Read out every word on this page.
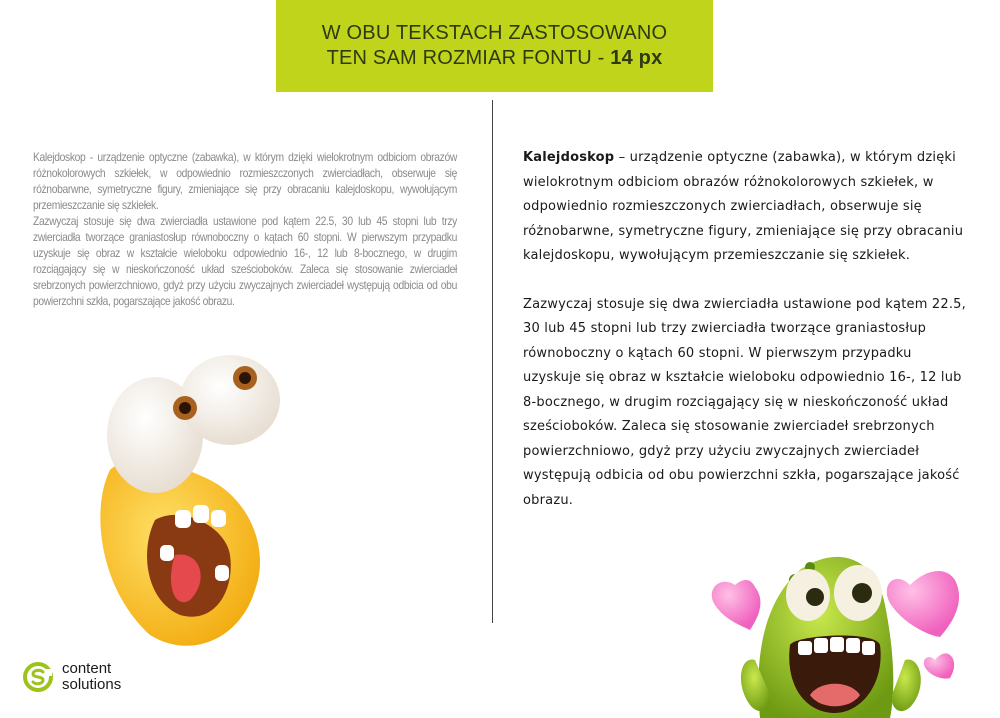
W OBU TEKSTACH ZASTOSOWANO
TEN SAM ROZMIAR FONTU - 14 px

Kalejdoskop - urządzenie optyczne (zabawka), w którym dzięki wielokrotnym odbiciom obrazów różnokolorowych szkiełek, w odpowiednio rozmieszczonych zwierciadłach, obserwuje się różnobarwne, symetryczne figury, zmieniające się przy obracaniu kalejdoskopu, wywołującym przemieszczanie się szkiełek.

Zazwyczaj stosuje się dwa zwierciadła ustawione pod kątem 22.5, 30 lub 45 stopni lub trzy zwierciadła tworzące graniastosłup równoboczny o kątach 60 stopni. W pierwszym przypadku uzyskuje się obraz w kształcie wieloboku odpowiednio 16-, 12 lub 8-bocznego, w drugim rozciągający się w nieskończoność układ sześcioboków. Zaleca się stosowanie zwierciadeł srebrzonych powierzchniowo, gdyż przy użyciu zwyczajnych zwierciadeł występują odbicia od obu powierzchni szkła, pogarszające jakość obrazu.

Kalejdoskop – urządzenie optyczne (zabawka), w którym dzięki wielokrotnym odbiciom obrazów różnokolorowych szkiełek, w odpowiednio rozmieszczonych zwierciadłach, obserwuje się różnobarwne, symetryczne figury, zmieniające się przy obracaniu kalejdoskopu, wywołującym przemieszczanie się szkiełek.

Zazwyczaj stosuje się dwa zwierciadła ustawione pod kątem 22.5, 30 lub 45 stopni lub trzy zwierciadła tworzące graniastosłup równoboczny o kątach 60 stopni. W pierwszym przypadku uzyskuje się obraz w kształcie wieloboku odpowiednio 16-, 12 lub 8-bocznego, w drugim rozciągający się w nieskończoność układ sześcioboków. Zaleca się stosowanie zwierciadeł srebrzonych powierzchniowo, gdyż przy użyciu zwyczajnych zwierciadeł występują odbicia od obu powierzchni szkła, pogarszające jakość obrazu.

content
solutions
